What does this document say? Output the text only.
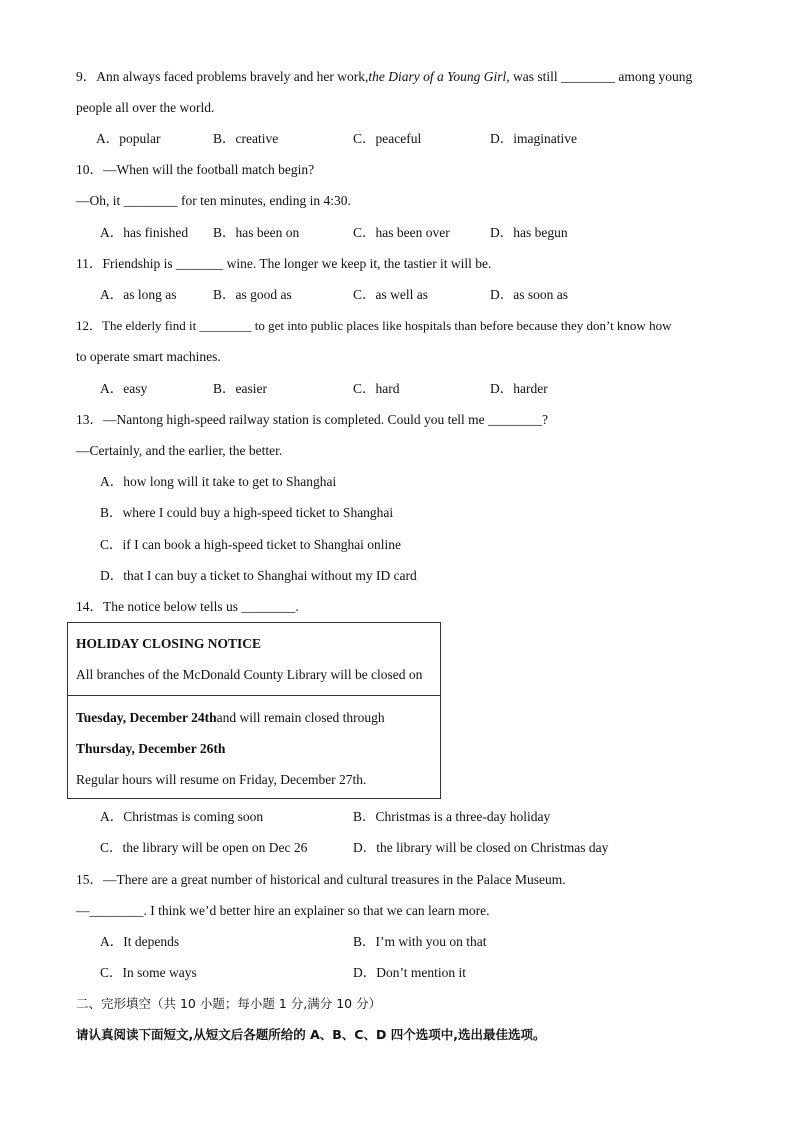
9．Ann always faced problems bravely and her work,the Diary of a Young Girl, was still ________ among young
people all over the world.
A．popular	B．creative	C．peaceful	D．imaginative
10．—When will the football match begin?
—Oh, it ________ for ten minutes, ending in 4:30.
A．has finished B．has been on	C．has been over	D．has begun
11．Friendship is _______ wine. The longer we keep it, the tastier it will be.
A．as long as	B．as good as	C．as well as	D．as soon as
12．The elderly find it ________ to get into public places like hospitals than before because they don’t know how
to operate smart machines.
A．easy	B．easier	C．hard	D．harder
13．—Nantong high-speed railway station is completed. Could you tell me ________?
—Certainly, and the earlier, the better.
A．how long will it take to get to Shanghai
B．where I could buy a high-speed ticket to Shanghai
C．if I can book a high-speed ticket to Shanghai online
D．that I can buy a ticket to Shanghai without my ID card
14．The notice below tells us ________.
HOLIDAY CLOSING NOTICE
All branches of the McDonald County Library will be closed on
Tuesday, December 24thand will remain closed through
Thursday, December 26th
Regular hours will resume on Friday, December 27th.
A．Christmas is coming soon	B．Christmas is a three-day holiday
C．the library will be open on Dec 26	D．the library will be closed on Christmas day
15．—There are a great number of historical and cultural treasures in the Palace Museum.
—________. I think we’d better hire an explainer so that we can learn more.
A．It depends	B．I’m with you on that
C．In some ways	D．Don’t mention it
二、完形填空（共 10 小题；每小题 1 分,满分 10 分）
请认真阅读下面短文,从短文后各题所给的 A、B、C、D 四个选项中,选出最佳选项。
